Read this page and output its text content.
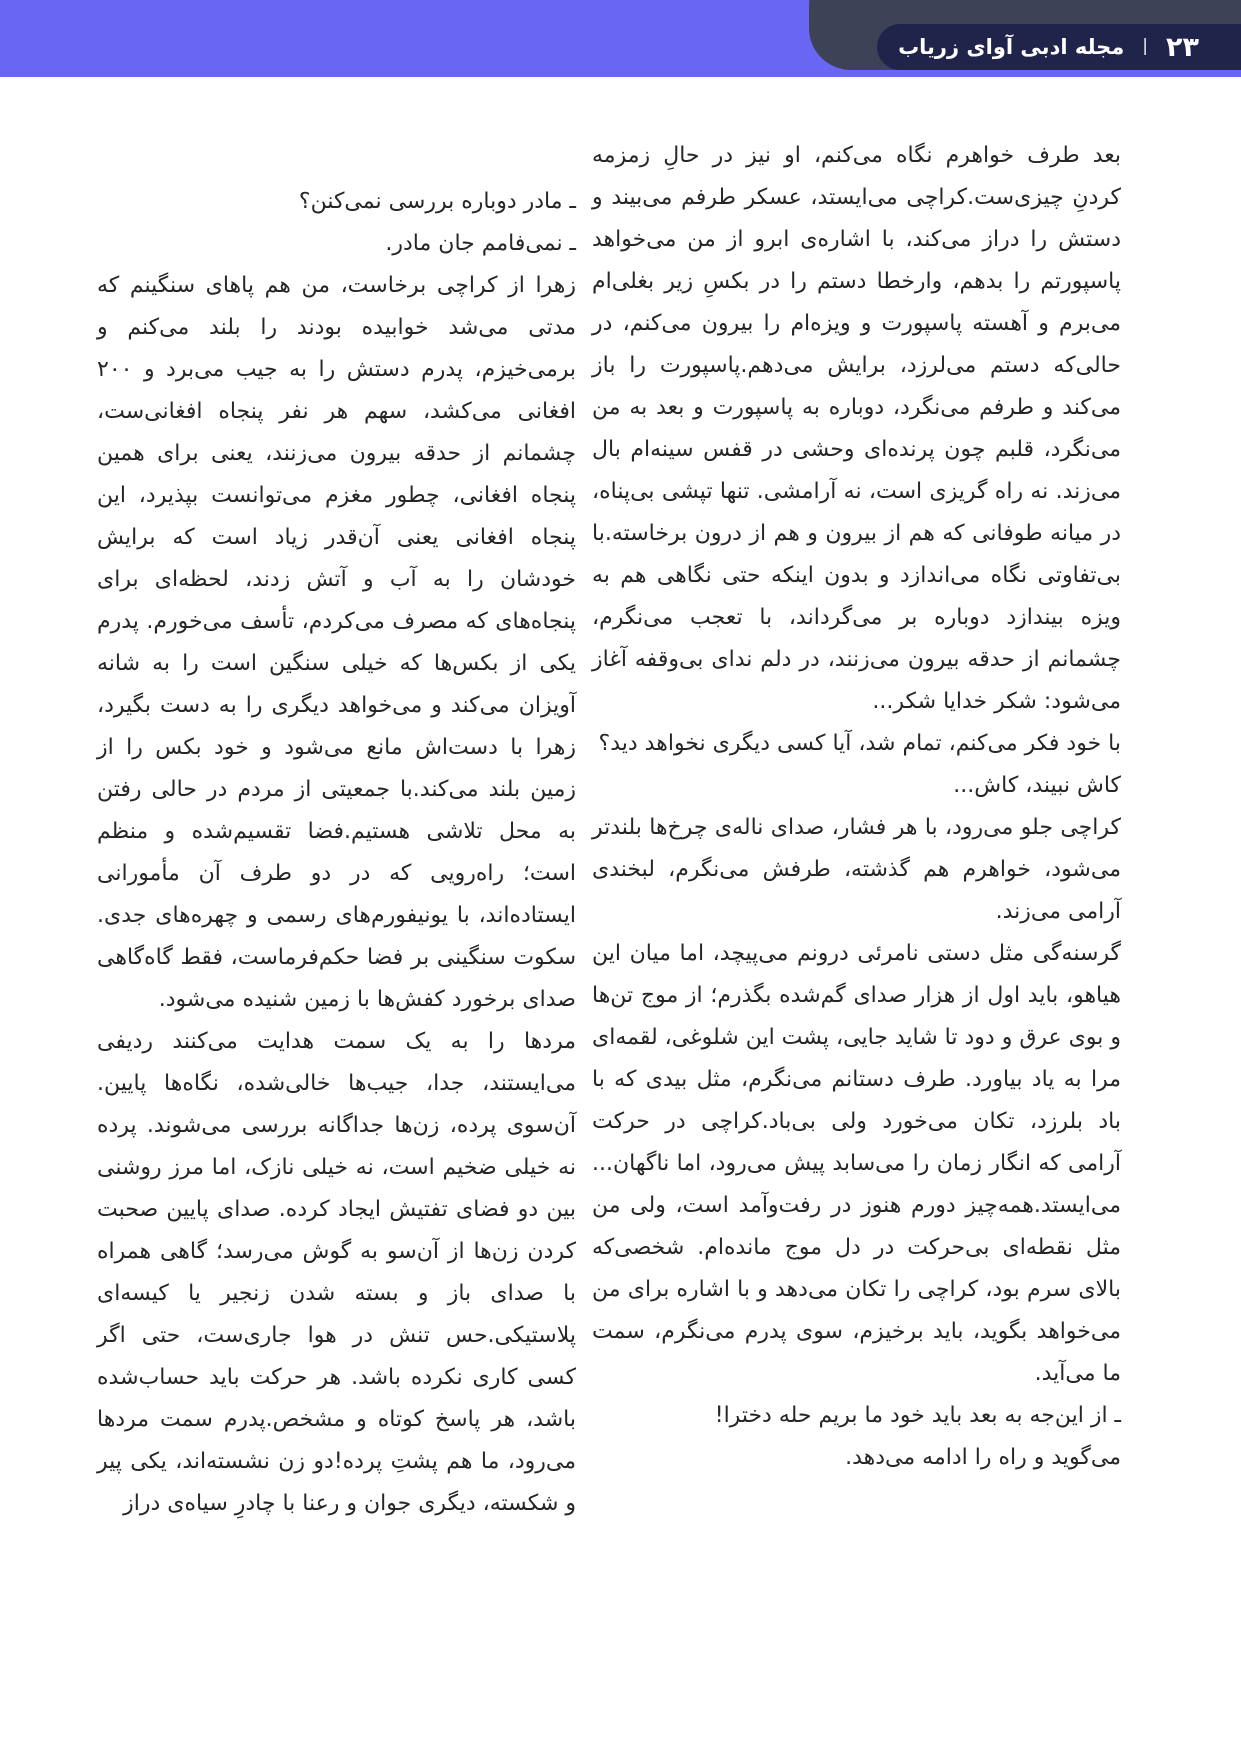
۲۳
|
مجله ادبی آوای زریاب

بعد طرف خواهرم نگاه می‌کنم، او نیز در حالِ زمزمه کردنِ چیزی‌ست.کراچی می‌ایستد، عسکر طرفم می‌بیند و دستش را دراز می‌کند، با اشاره‌ی ابرو از من می‌خواهد پاسپورتم را بدهم، وارخطا دستم را در بکسِ زیر بغلی‌ام می‌برم و آهسته پاسپورت و ویزه‌ام را بیرون می‌کنم، در حالی‌که دستم می‌لرزد، برایش می‌دهم.پاسپورت را باز می‌کند و طرفم می‌نگرد، دوباره به پاسپورت و بعد به من می‌نگرد، قلبم چون پرنده‌ای وحشی در قفس سینه‌ام بال می‌زند. نه راه گریزی است، نه آرامشی. تنها تپشی بی‌پناه، در میانه طوفانی که هم از بیرون و هم از درون برخاسته.با بی‌تفاوتی نگاه می‌اندازد و بدون اینکه حتی نگاهی هم به ویزه بیندازد دوباره بر می‌گرداند، با تعجب می‌نگرم، چشمانم از حدقه بیرون می‌زنند، در دلم ندای بی‌وقفه آغاز می‌شود: شکر خدایا شکر...

با خود فکر می‌کنم، تمام شد، آیا کسی دیگری نخواهد دید؟

کاش نبیند، کاش...

کراچی جلو می‌رود، با هر فشار، صدای ناله‌ی چرخ‌ها بلندتر می‌شود، خواهرم هم گذشته، طرفش می‌نگرم، لبخندی آرامی می‌زند.

گرسنه‌گی مثل دستی نامرئی درونم می‌پیچد، اما میان این هیاهو، باید اول از هزار صدای گم‌شده بگذرم؛ از موج تن‌ها و بوی عرق و دود تا شاید جایی، پشت این شلوغی، لقمه‌ای مرا به یاد بیاورد. طرف دستانم می‌نگرم، مثل بیدی که با باد بلرزد، تکان می‌خورد ولی بی‌باد.کراچی در حرکت آرامی که انگار زمان را می‌سابد پیش می‌رود، اما ناگهان... می‌ایستد.همه‌چیز دورم هنوز در رفت‌وآمد است، ولی من مثل نقطه‌ای بی‌حرکت در دل موج مانده‌ام. شخصی‌که بالای سرم بود، کراچی را تکان می‌دهد و با اشاره برای من می‌خواهد بگوید، باید برخیزم، سوی پدرم می‌نگرم، سمت ما می‌آید.

ـ از این‌جه به بعد باید خود ما بریم حله دخترا!

می‌گوید و راه را ادامه می‌دهد.

ـ مادر دوباره بررسی نمی‌کنن؟

ـ نمی‌فامم جان مادر.

زهرا از کراچی برخاست، من هم پاهای سنگینم که مدتی می‌شد خوابیده بودند را بلند می‌کنم و برمی‌خیزم، پدرم دستش را به جیب می‌برد و ۲۰۰ افغانی می‌کشد، سهم هر نفر پنجاه افغانی‌ست، چشمانم از حدقه بیرون می‌زنند، یعنی برای همین پنجاه افغانی، چطور مغزم می‌توانست بپذیرد، این پنجاه افغانی یعنی آن‌قدر زیاد است که برایش خودشان را به آب و آتش زدند، لحظه‌ای برای پنجاه‌های که مصرف می‌کردم، تأسف می‌خورم. پدرم یکی از بکس‌ها که خیلی سنگین است را به شانه آویزان می‌کند و می‌خواهد دیگری را به دست بگیرد، زهرا با دست‌اش مانع می‌شود و خود بکس را از زمین بلند می‌کند.با جمعیتی از مردم در حالی رفتن به محل تلاشی هستیم.فضا تقسیم‌شده و منظم است؛ راه‌رویی که در دو طرف آن مأمورانی ایستاده‌اند، با یونیفورم‌های رسمی و چهره‌های جدی. سکوت سنگینی بر فضا حکم‌فرماست، فقط گاه‌گاهی صدای برخورد کفش‌ها با زمین شنیده می‌شود.

مردها را به یک سمت هدایت می‌کنند ردیفی می‌ایستند، جدا، جیب‌ها خالی‌شده، نگاه‌ها پایین. آن‌سوی پرده، زن‌ها جداگانه بررسی می‌شوند. پرده نه خیلی ضخیم است، نه خیلی نازک، اما مرز روشنی بین دو فضای تفتیش ایجاد کرده. صدای پایین صحبت کردن زن‌ها از آن‌سو به گوش می‌رسد؛ گاهی همراه با صدای باز و بسته شدن زنجیر یا کیسه‌ای پلاستیکی.حس تنش در هوا جاری‌ست، حتی اگر کسی کاری نکرده باشد. هر حرکت باید حساب‌شده باشد، هر پاسخ کوتاه و مشخص.پدرم سمت مردها می‌رود، ما هم پشتِ پرده!دو زن نشسته‌اند، یکی پیر و شکسته، دیگری جوان و رعنا با چادرِ سیاه‌ی دراز
